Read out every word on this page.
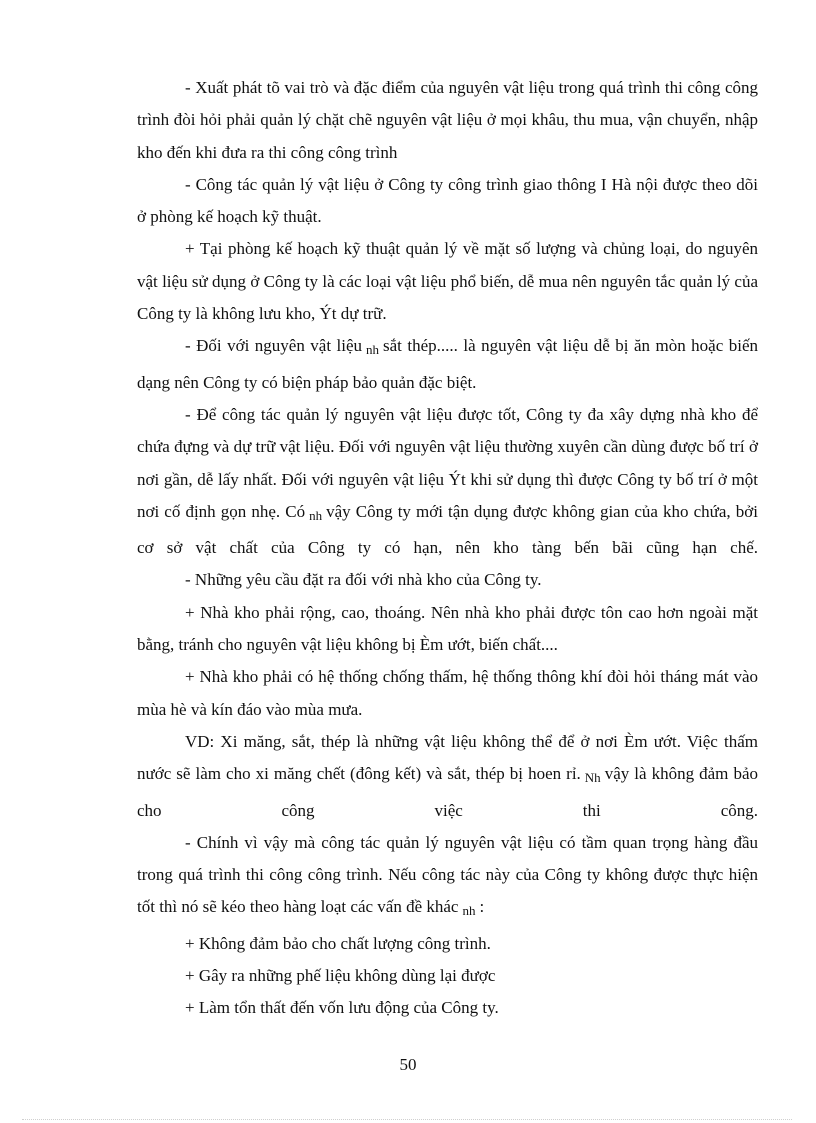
- Xuất phát tõ vai trò và đặc điểm của nguyên vật liệu trong quá trình thi công công trình đòi hỏi phải quản lý chặt chẽ nguyên vật liệu ở mọi khâu, thu mua, vận chuyển, nhập kho đến khi đưa ra thi công công trình

- Công tác quản lý vật liệu ở Công ty công trình giao thông I Hà nội được theo dõi ở phòng kế hoạch kỹ thuật.

+ Tại phòng kế hoạch kỹ thuật quản lý về mặt số lượng và chủng loại, do nguyên vật liệu sử dụng ở Công ty là các loại vật liệu phổ biến, dễ mua nên nguyên tắc quản lý của Công ty là không lưu kho, Ýt dự trữ.

- Đối với nguyên vật liệu $_{nh}$ sắt thép..... là nguyên vật liệu dễ bị ăn mòn hoặc biến dạng nên Công ty có biện pháp bảo quản đặc biệt.

- Để công tác quản lý nguyên vật liệu được tốt, Công ty đa xây dựng nhà kho để chứa đựng và dự trữ vật liệu. Đối với nguyên vật liệu thường xuyên cần dùng được bố trí ở nơi gần, dễ lấy nhất. Đối với nguyên vật liệu Ýt khi sử dụng thì được Công ty bố trí ở một nơi cố định gọn nhẹ. Có $_{nh}$ vậy Công ty mới tận dụng được không gian của kho chứa, bởi cơ sở vật chất của Công ty có hạn, nên kho tàng bến bãi cũng hạn chế.

- Những yêu cầu đặt ra đối với nhà kho của Công ty.

+ Nhà kho phải rộng, cao, thoáng. Nên nhà kho phải được tôn cao hơn ngoài mặt bằng, tránh cho nguyên vật liệu không bị Èm ướt, biến chất....

+ Nhà kho phải có hệ thống chống thấm, hệ thống thông khí đòi hỏi tháng mát vào mùa hè và kín đáo vào mùa mưa.

VD: Xi măng, sắt, thép là những vật liệu không thể để ở nơi Èm ướt. Việc thấm nước sẽ làm cho xi măng chết (đông kết) và sắt, thép bị hoen rỉ. $_{Nh}$ vậy là không đảm bảo cho công việc thi công.

- Chính vì vậy mà công tác quản lý nguyên vật liệu có tầm quan trọng hàng đầu trong quá trình thi công công trình. Nếu công tác này của Công ty không được thực hiện tốt thì nó sẽ kéo theo hàng loạt các vấn đề khác $_{nh}$ :

+ Không đảm bảo cho chất lượng công trình.

+ Gây ra những phế liệu không dùng lại được

+ Làm tổn thất đến vốn lưu động của Công ty.

50
